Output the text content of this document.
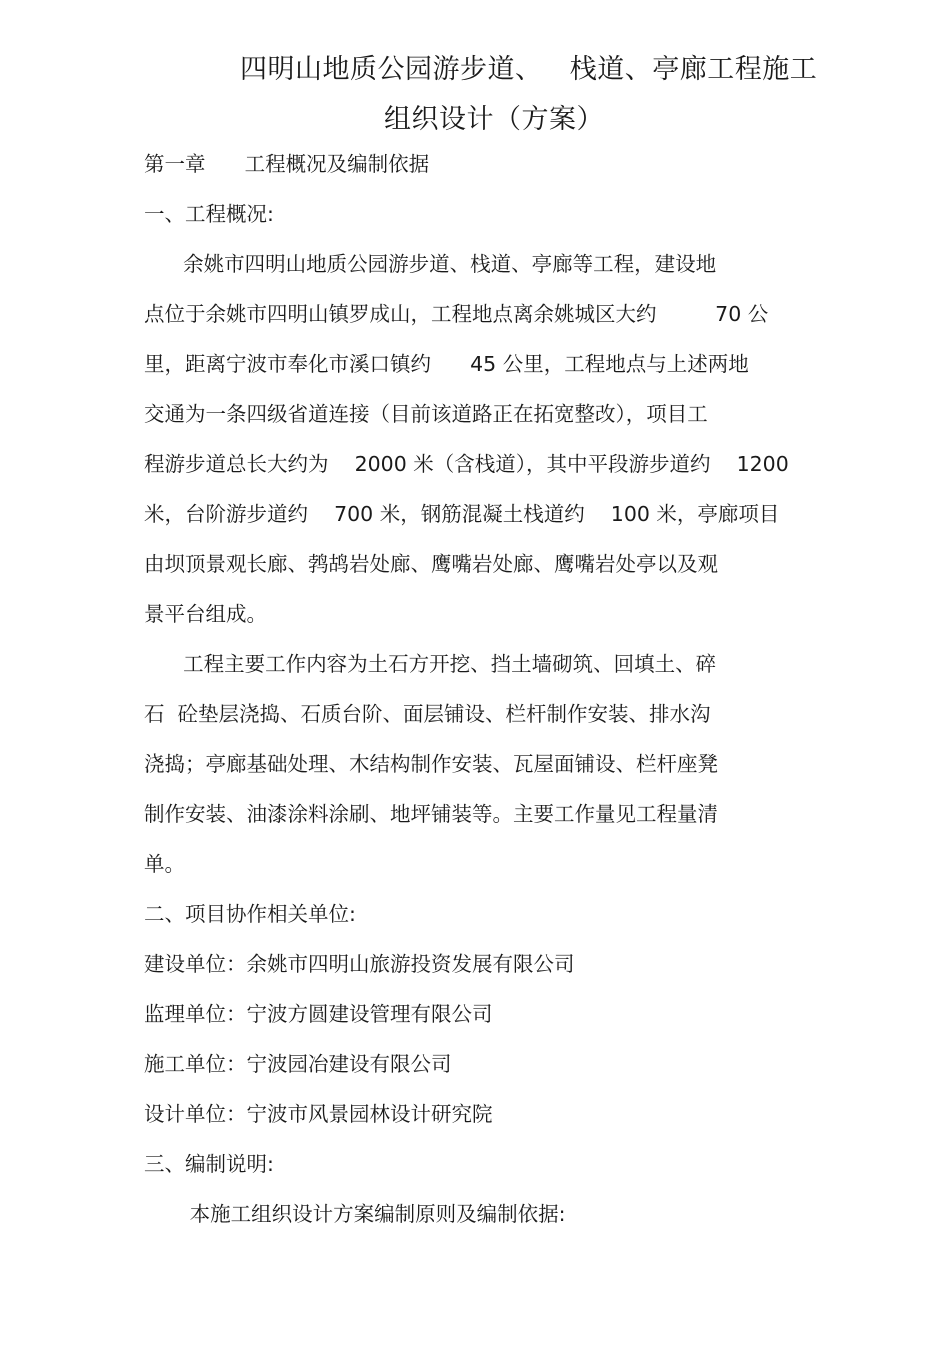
四明山地质公园游步道、   栈道、亭廊工程施工
组织设计（方案）
第一章      工程概况及编制依据
一、工程概况:
余姚市四明山地质公园游步道、栈道、亭廊等工程，建设地
点位于余姚市四明山镇罗成山，工程地点离余姚城区大约         70 公
里，距离宁波市奉化市溪口镇约      45 公里，工程地点与上述两地
交通为一条四级省道连接（目前该道路正在拓宽整改），项目工
程游步道总长大约为    2000 米（含栈道），其中平段游步道约    1200
米，台阶游步道约    700 米，钢筋混凝土栈道约    100 米，亭廊项目
由坝顶景观长廊、鹁鸪岩处廊、鹰嘴岩处廊、鹰嘴岩处亭以及观
景平台组成。
工程主要工作内容为土石方开挖、挡土墙砌筑、回填土、碎
石  砼垫层浇捣、石质台阶、面层铺设、栏杆制作安装、排水沟
浇捣；亭廊基础处理、木结构制作安装、瓦屋面铺设、栏杆座凳
制作安装、油漆涂料涂刷、地坪铺装等。主要工作量见工程量清
单。
二、项目协作相关单位:
建设单位：余姚市四明山旅游投资发展有限公司
监理单位：宁波方圆建设管理有限公司
施工单位：宁波园冶建设有限公司
设计单位：宁波市风景园林设计研究院
三、编制说明:
本施工组织设计方案编制原则及编制依据:
